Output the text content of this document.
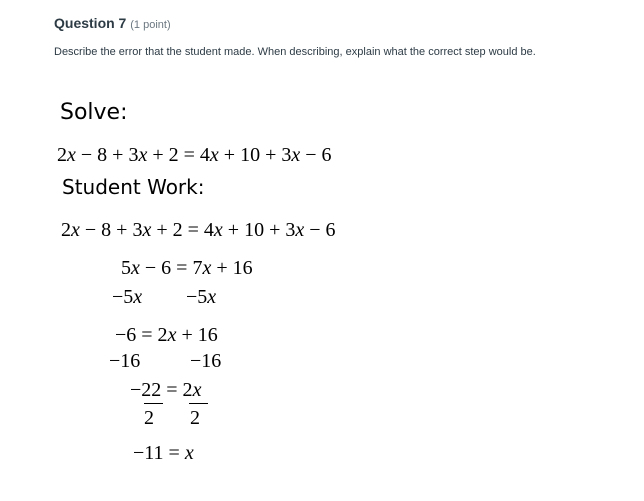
Question 7 (1 point)
Describe the error that the student made. When describing, explain what the correct step would be.
Solve:
2x − 8 + 3x + 2 = 4x + 10 + 3x − 6
Student Work:
2x − 8 + 3x + 2 = 4x + 10 + 3x − 6
5x − 6 = 7x + 16
−5x −5x
−6 = 2x + 16
−16 −16
−22 = 2x
2 2
−11 = x
